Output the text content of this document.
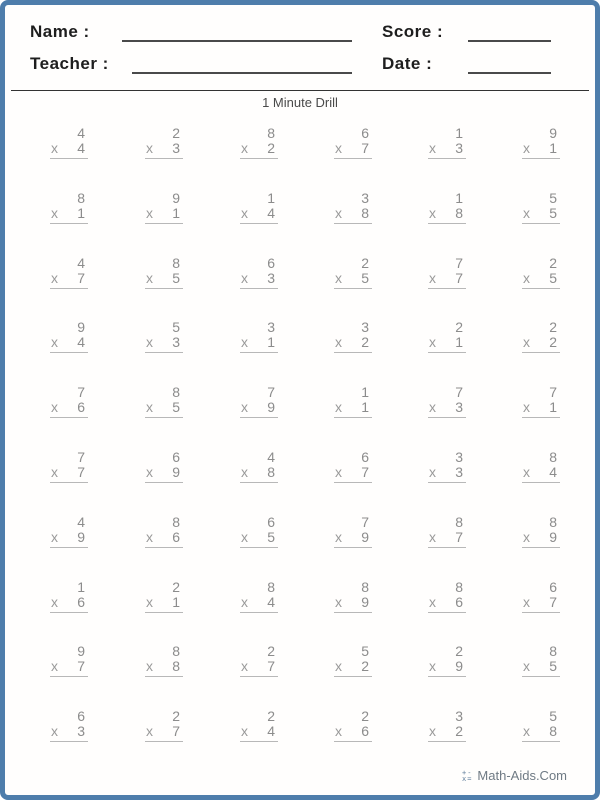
Name :	Score :
Teacher :	Date :
1 Minute Drill
4
x 4
2
x 3
8
x 2
6
x 7
1
x 3
9
x 1
8
x 1
9
x 1
1
x 4
3
x 8
1
x 8
5
x 5
4
x 7
8
x 5
6
x 3
2
x 5
7
x 7
2
x 5
9
x 4
5
x 3
3
x 1
3
x 2
2
x 1
2
x 2
7
x 6
8
x 5
7
x 9
1
x 1
7
x 3
7
x 1
7
x 7
6
x 9
4
x 8
6
x 7
3
x 3
8
x 4
4
x 9
8
x 6
6
x 5
7
x 9
8
x 7
8
x 9
1
x 6
2
x 1
8
x 4
8
x 9
8
x 6
6
x 7
9
x 7
8
x 8
2
x 7
5
x 2
2
x 9
8
x 5
6
x 3
2
x 7
2
x 4
2
x 6
3
x 2
5
x 8
+-
x= Math-Aids.Com
